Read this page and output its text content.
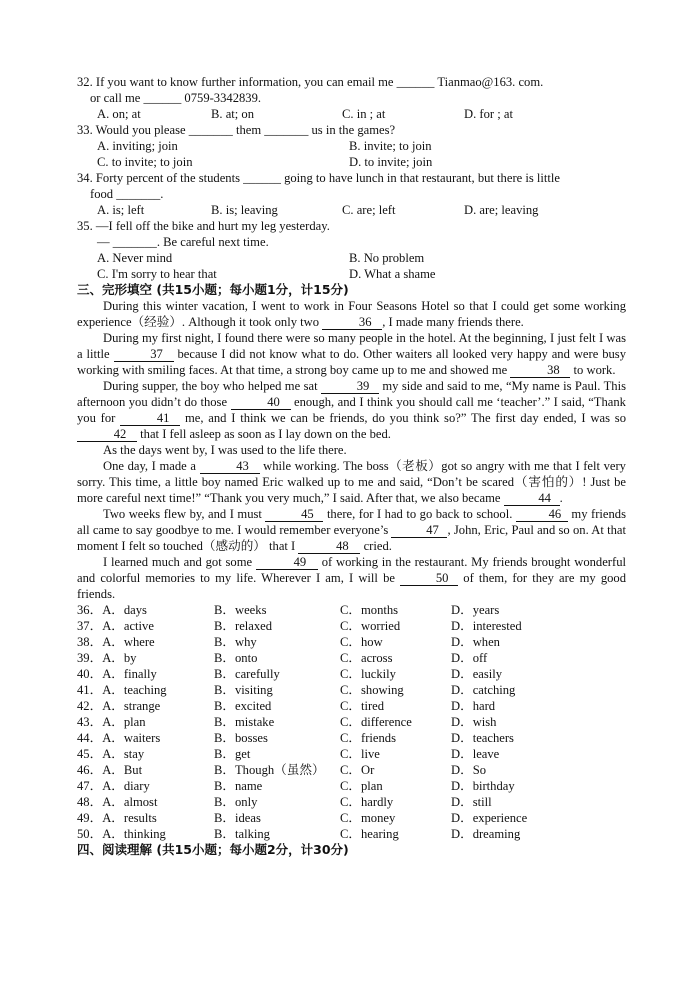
32. If you want to know further information, you can email me ______ Tianmao@163. com.
or call me ______ 0759-3342839.
A. on; at	B. at; on	C. in ; at	D. for ; at
33. Would you please _______ them _______ us in the games?
A. inviting; join	B. invite; to join
C. to invite; to join	D. to invite; join
34. Forty percent of the students ______ going to have lunch in that restaurant, but there is little
food _______.
A. is; left	B. is; leaving	C. are; left	D. are; leaving
35. —I fell off the bike and hurt my leg yesterday.
— _______. Be careful next time.
A. Never mind	B. No problem
C. I'm sorry to hear that	D. What a shame
三、完形填空 (共15小题；每小题1分，计15分)

During this winter vacation, I went to work in Four Seasons Hotel so that I could get some working experience（经验）. Although it took only two	36 , I made many friends there.

During my first night, I found there were so many people in the hotel. At the beginning, I just felt I was a little	37 because I did not know what to do. Other waiters all looked very happy and were busy working with smiling faces. At that time, a strong boy came up to me and showed me	38 to work.

During supper, the boy who helped me sat	39 my side and said to me, “My name is Paul. This afternoon you didn’t do those	40 enough, and I think you should call me ‘teacher’.” I said, “Thank you for	41 me, and I think we can be friends, do you think so?” The first day ended, I was so 42 that I fell asleep as soon as I lay down on the bed.

As the days went by, I was used to the life there.

One day, I made a	43 while working. The boss（老板）got so angry with me that I felt very sorry. This time, a little boy named Eric walked up to me and said, “Don’t be scared（害怕的）! Just be more careful next time!” “Thank you very much,” I said. After that, we also became	44 .

Two weeks flew by, and I must	45 there, for I had to go back to school.	46 my friends all came to say goodbye to me. I would remember everyone’s	47 , John, Eric, Paul and so on. At that moment I felt so touched（感动的） that I	48 cried.

I learned much and got some	49 of working in the restaurant. My friends brought wonderful and colorful memories to my life. Wherever I am, I will be	50 of them, for they are my good friends.

36．A．days	B．weeks	C．months	D．years
37．A．active	B．relaxed	C．worried	D．interested
38．A．where	B．why	C．how	D．when
39．A．by	B．onto	C．across	D．off
40．A．finally	B．carefully	C．luckily	D．easily
41．A．teaching	B．visiting	C．showing	D．catching
42．A．strange	B．excited	C．tired	D．hard
43．A．plan	B．mistake	C．difference	D．wish
44．A．waiters	B．bosses	C．friends	D．teachers
45．A．stay	B．get	C．live	D．leave
46．A．But	B．Though（虽然）	C．Or	D．So
47．A．diary	B．name	C．plan	D．birthday
48．A．almost	B．only	C．hardly	D．still
49．A．results	B．ideas	C．money	D．experience
50．A．thinking	B．talking	C．hearing	D．dreaming
四、阅读理解 (共15小题；每小题2分，计30分)
